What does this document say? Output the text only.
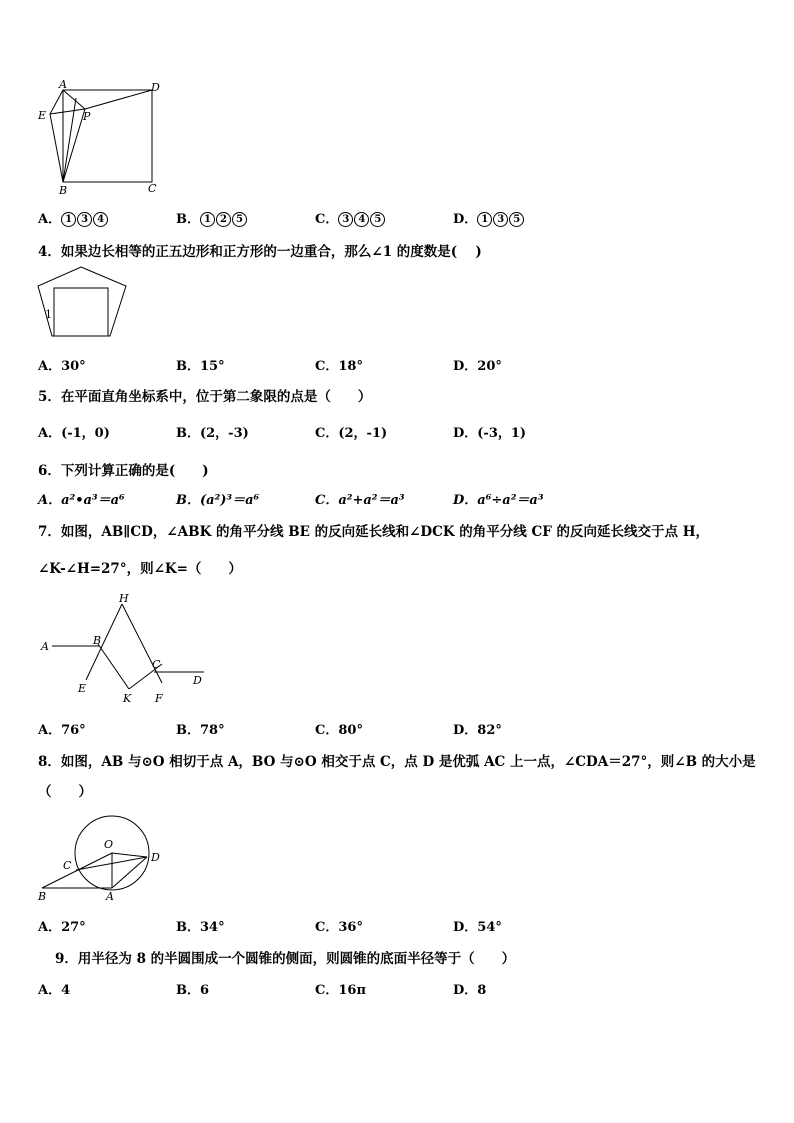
A	D
E	P
B	C
A． 1 3 4	B． 1 2 5	C． 3 4 5	D． 1 3 5
4．如果边长相等的正五边形和正方形的一边重合，那么∠1 的度数是(　 )
1
A．30°	B．15°	C．18°	D．20°
5．在平面直角坐标系中，位于第二象限的点是（　　）
A．(-1，0)	B．(2，-3)	C．(2，-1)	D．(-3，1)
6．下列计算正确的是(　　)
A．a²•a³＝a⁶	B．(a²)³＝a⁶	C．a²+a²＝a³	D．a⁶÷a²＝a³
7．如图，AB∥CD，∠ABK 的角平分线 BE 的反向延长线和∠DCK 的角平分线 CF 的反向延长线交于点 H，
∠K-∠H=27°，则∠K=（　　）
H
A	B
C
D
E
K F
A．76°	B．78°	C．80°	D．82°
8．如图，AB 与⊙O 相切于点 A，BO 与⊙O 相交于点 C，点 D 是优弧 AC 上一点，∠CDA＝27°，则∠B 的大小是
（　　）
O
C
D
B	A
A．27°	B．34°	C．36°	D．54°
9．用半径为 8 的半圆围成一个圆锥的侧面，则圆锥的底面半径等于（　　）
A．4	B．6	C．16π	D．8
